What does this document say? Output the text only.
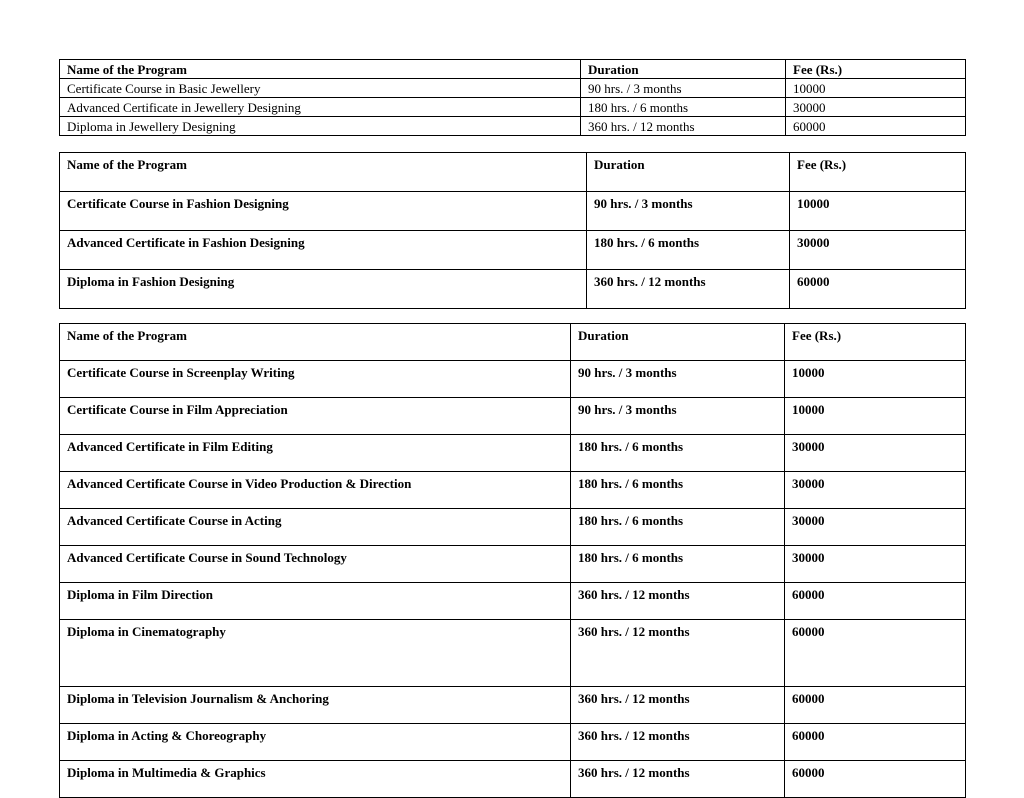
Name of the Program	Duration	Fee (Rs.)
Certificate Course in Basic Jewellery	90 hrs. / 3 months	10000
Advanced Certificate in Jewellery Designing	180 hrs. / 6 months	30000
Diploma in Jewellery Designing	360 hrs. / 12 months	60000
Name of the Program	Duration	Fee (Rs.)
Certificate Course in Fashion Designing	90 hrs. / 3 months	10000
Advanced Certificate in Fashion Designing	180 hrs. / 6 months	30000
Diploma in Fashion Designing	360 hrs. / 12 months	60000
Name of the Program	Duration	Fee (Rs.)
Certificate Course in Screenplay Writing	90 hrs. / 3 months	10000
Certificate Course in Film Appreciation	90 hrs. / 3 months	10000
Advanced Certificate in Film Editing	180 hrs. / 6 months	30000
Advanced Certificate Course in Video Production & Direction	180 hrs. / 6 months	30000
Advanced Certificate Course in Acting	180 hrs. / 6 months	30000
Advanced Certificate Course in Sound Technology	180 hrs. / 6 months	30000
Diploma in Film Direction	360 hrs. / 12 months	60000
Diploma in Cinematography	360 hrs. / 12 months	60000
Diploma in Television Journalism & Anchoring	360 hrs. / 12 months	60000
Diploma in Acting & Choreography	360 hrs. / 12 months	60000
Diploma in Multimedia & Graphics	360 hrs. / 12 months	60000
